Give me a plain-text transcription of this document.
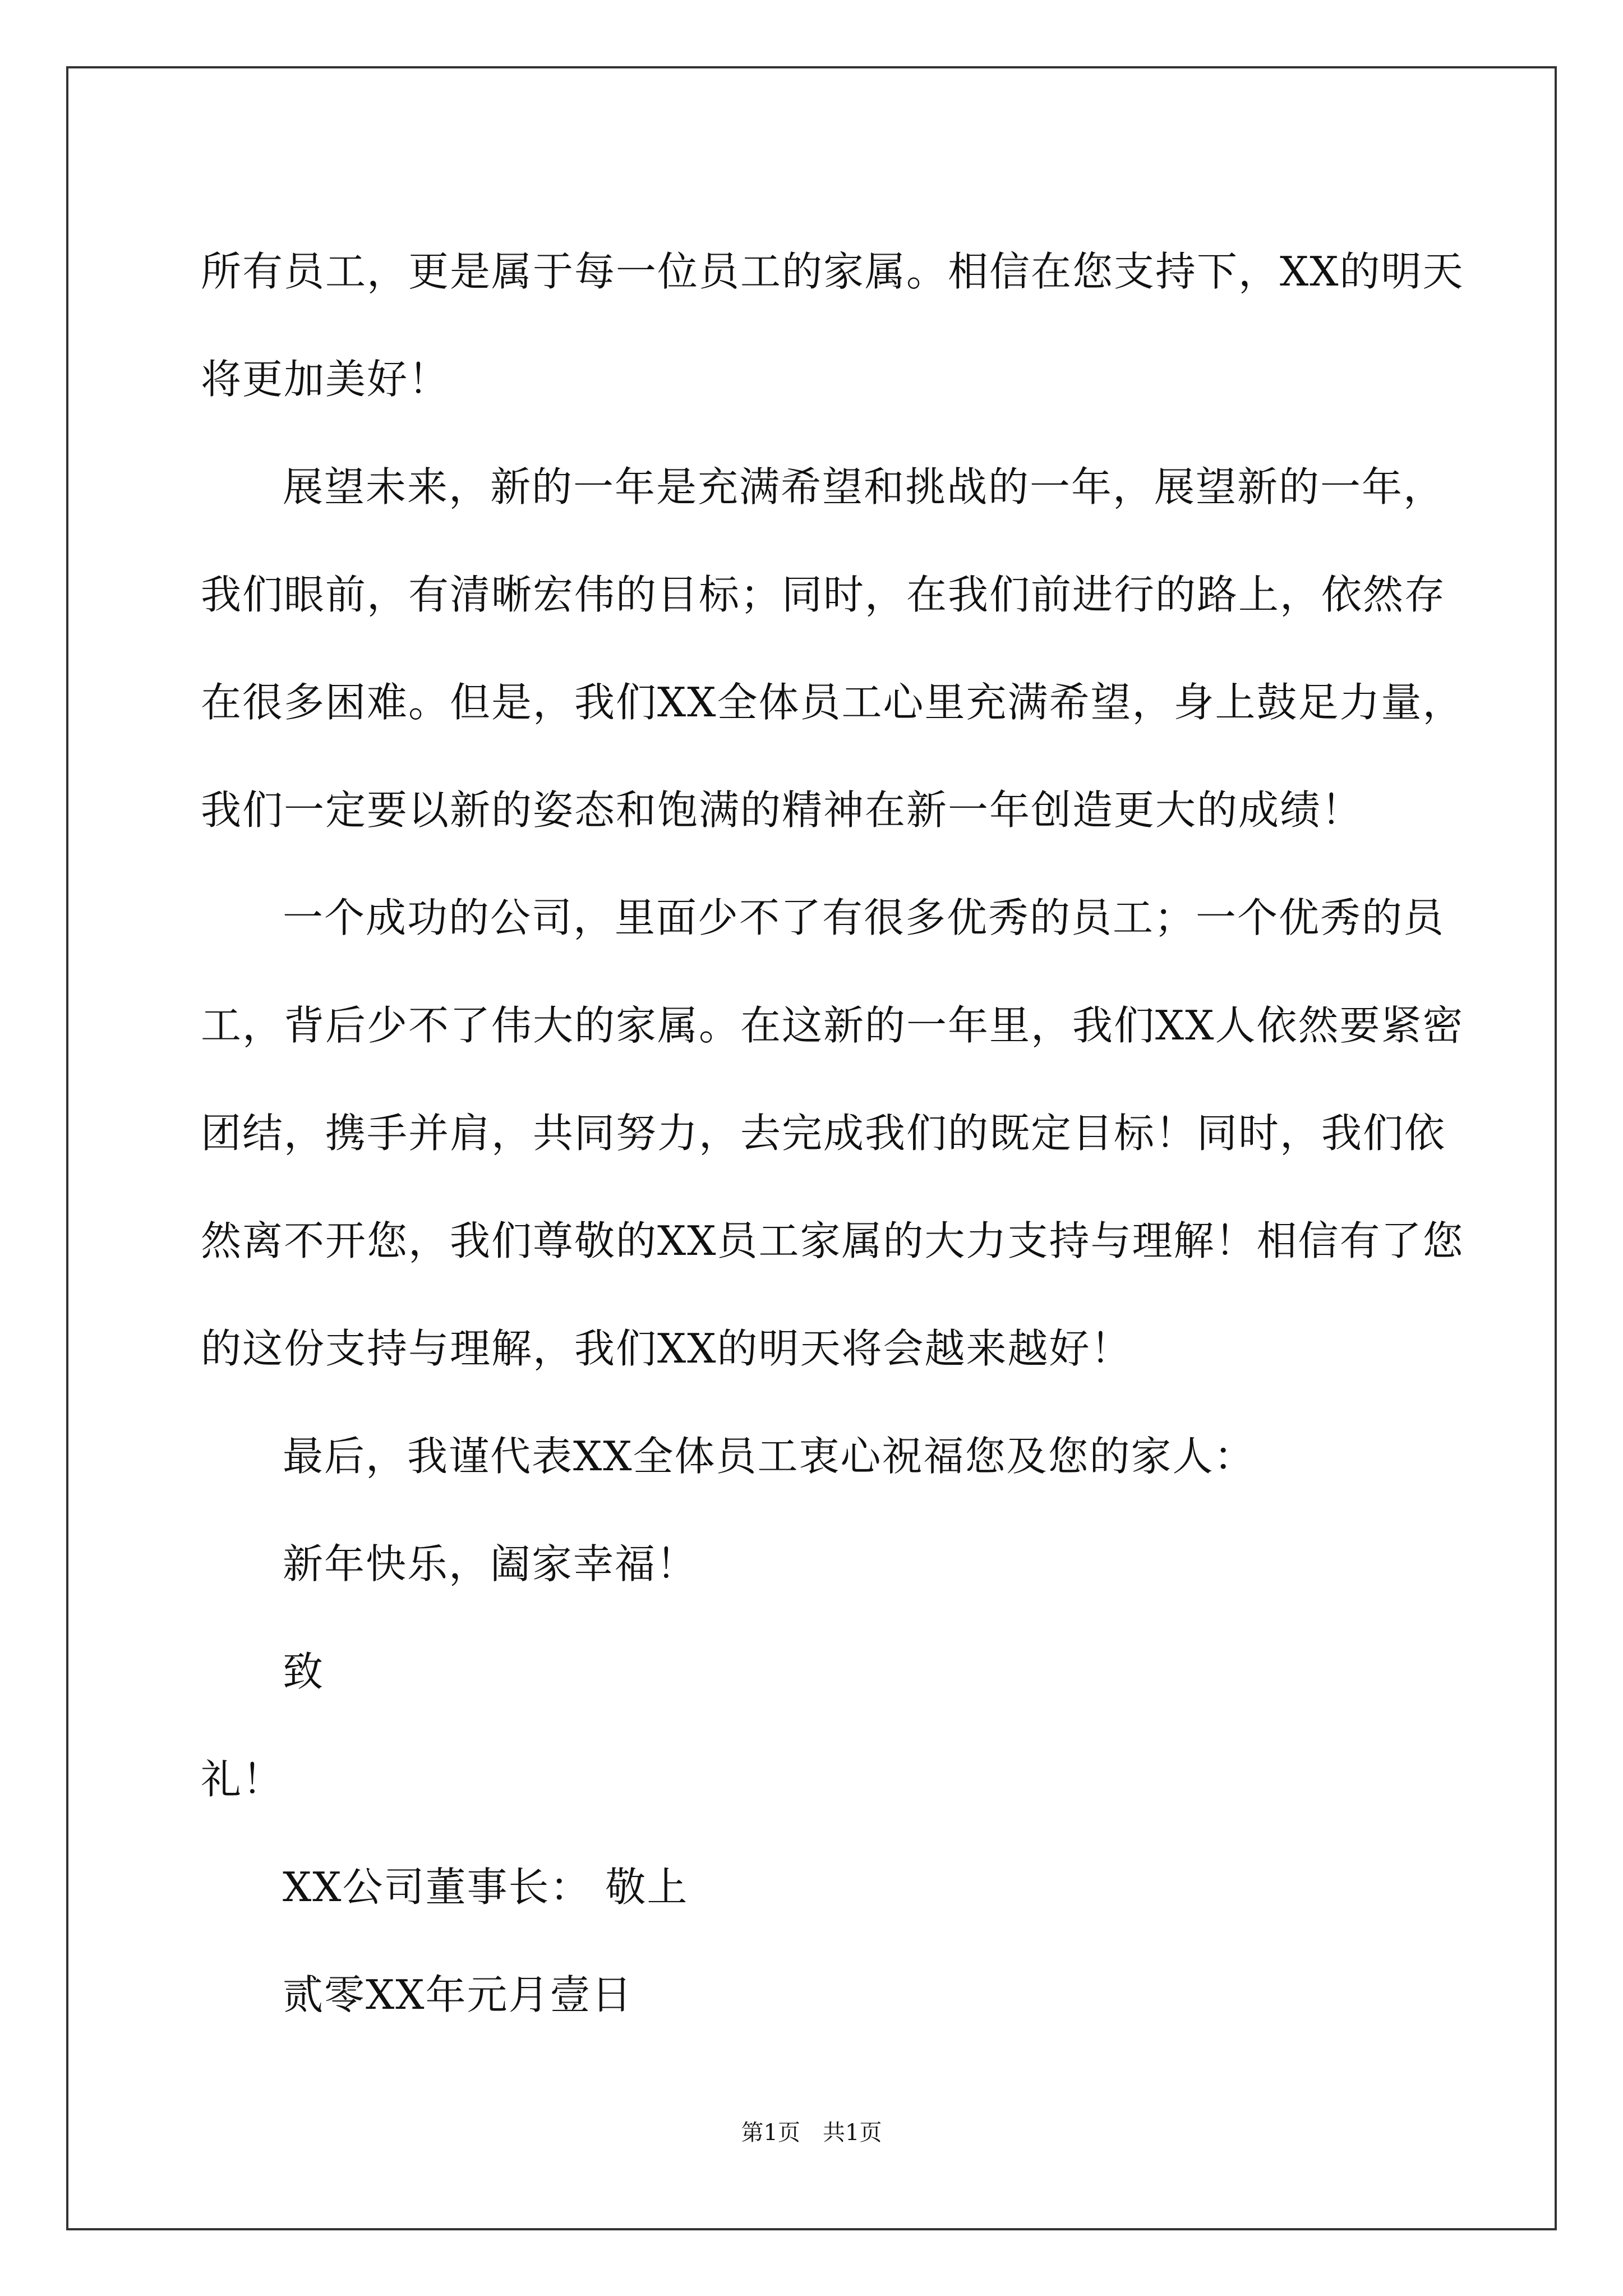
所有员工，更是属于每一位员工的家属。相信在您支持下，XX的明天
将更加美好！
展望未来，新的一年是充满希望和挑战的一年，展望新的一年，
我们眼前，有清晰宏伟的目标；同时，在我们前进行的路上，依然存
在很多困难。但是，我们XX全体员工心里充满希望，身上鼓足力量，
我们一定要以新的姿态和饱满的精神在新一年创造更大的成绩！
一个成功的公司，里面少不了有很多优秀的员工；一个优秀的员
工，背后少不了伟大的家属。在这新的一年里，我们XX人依然要紧密
团结，携手并肩，共同努力，去完成我们的既定目标！同时，我们依
然离不开您，我们尊敬的XX员工家属的大力支持与理解！相信有了您
的这份支持与理解，我们XX的明天将会越来越好！
最后，我谨代表XX全体员工衷心祝福您及您的家人：
新年快乐，阖家幸福！
致
礼！
XX公司董事长： 敬上
贰零XX年元月壹日
第1页　共1页
